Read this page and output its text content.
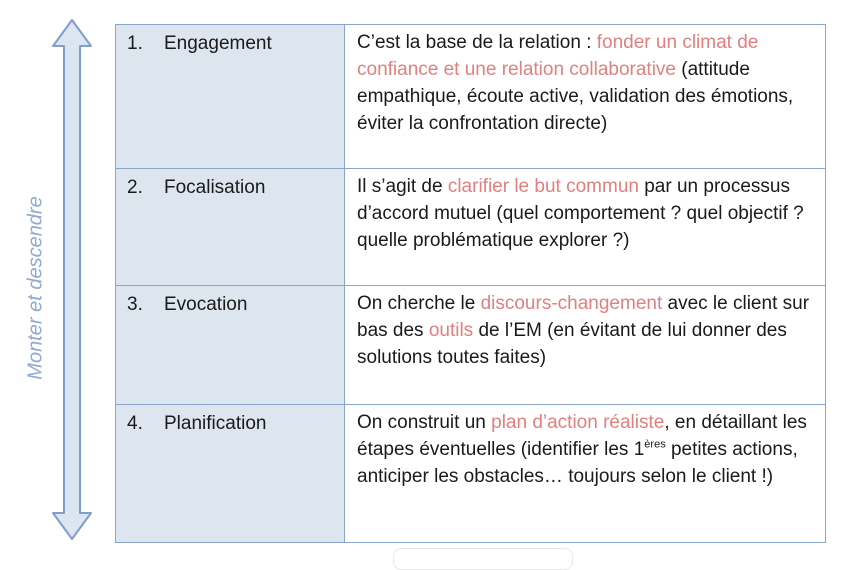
Monter et descendre
1. Engagement	C’est la base de la relation : fonder un climat de confiance et une relation collaborative (attitude empathique, écoute active, validation des émotions, éviter la confrontation directe)
2. Focalisation	Il s’agit de clarifier le but commun par un processus d’accord mutuel (quel comportement ? quel objectif ? quelle problématique explorer ?)
3. Evocation	On cherche le discours-changement avec le client sur bas des outils de l’EM (en évitant de lui donner des solutions toutes faites)
4. Planification	On construit un plan d’action réaliste, en détaillant les étapes éventuelles (identifier les 1ères petites actions, anticiper les obstacles… toujours selon le client !)
